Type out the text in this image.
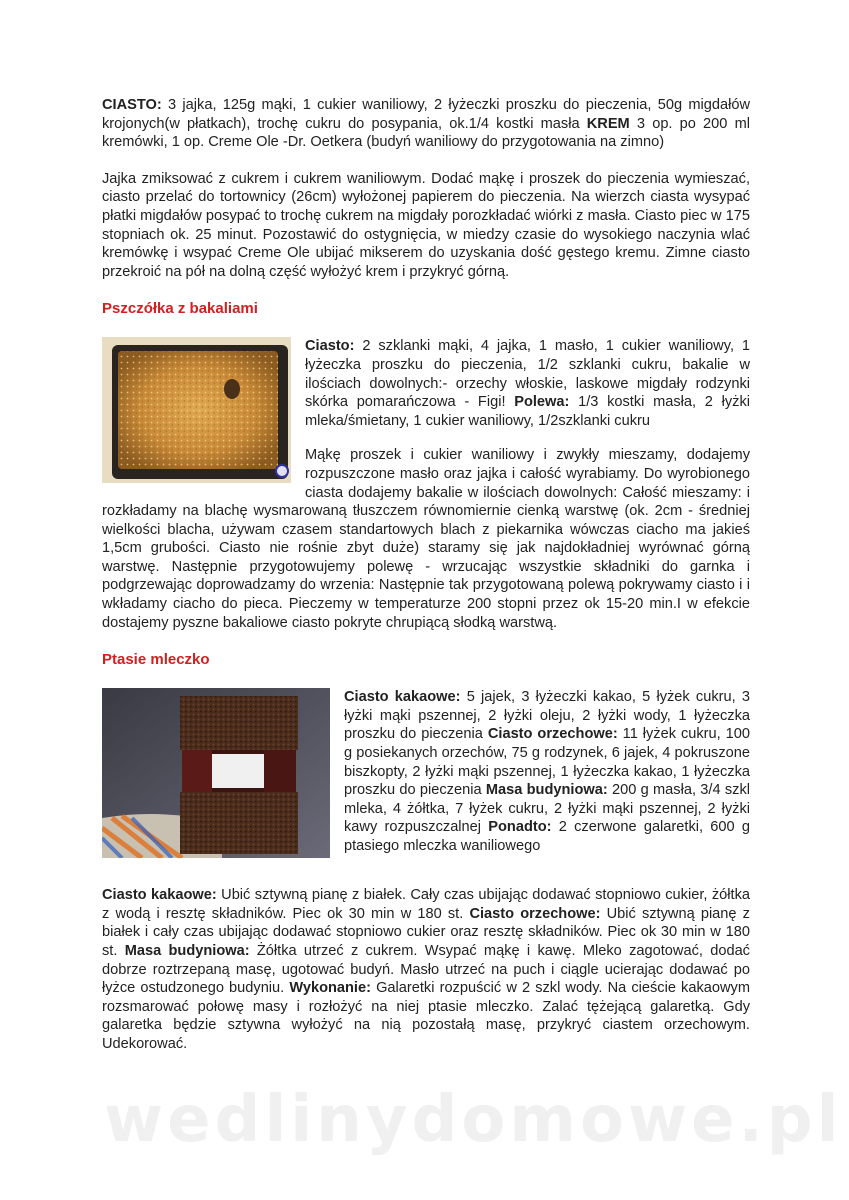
CIASTO: 3 jajka, 125g mąki, 1 cukier waniliowy, 2 łyżeczki proszku do pieczenia, 50g migdałów krojonych(w płatkach), trochę cukru do posypania, ok.1/4 kostki masła KREM 3 op. po 200 ml kremówki, 1 op. Creme Ole -Dr. Oetkera (budyń waniliowy do przygotowania na zimno)

Jajka zmiksować z cukrem i cukrem waniliowym. Dodać mąkę i proszek do pieczenia wymieszać, ciasto przelać do tortownicy (26cm) wyłożonej papierem do pieczenia. Na wierzch ciasta wysypać płatki migdałów posypać to trochę cukrem na migdały porozkładać wiórki z masła. Ciasto piec w 175 stopniach ok. 25 minut. Pozostawić do ostygnięcia, w miedzy czasie do wysokiego naczynia wlać kremówkę i wsypać Creme Ole ubijać mikserem do uzyskania dość gęstego kremu. Zimne ciasto przekroić na pół na dolną część wyłożyć krem i przykryć górną.

Pszczółka z bakaliami

Ciasto: 2 szklanki mąki, 4 jajka, 1 masło, 1 cukier waniliowy, 1 łyżeczka proszku do pieczenia, 1/2 szklanki cukru, bakalie w ilościach dowolnych:- orzechy włoskie, laskowe migdały rodzynki skórka pomarańczowa - Figi! Polewa: 1/3 kostki masła, 2 łyżki mleka/śmietany, 1 cukier waniliowy, 1/2szklanki cukru

Mąkę proszek i cukier waniliowy i zwykły mieszamy, dodajemy rozpuszczone masło oraz jajka i całość wyrabiamy. Do wyrobionego ciasta dodajemy bakalie w ilościach dowolnych: Całość mieszamy: i rozkładamy na blachę wysmarowaną tłuszczem równomiernie cienką warstwę (ok. 2cm - średniej wielkości blacha, używam czasem standartowych blach z piekarnika wówczas ciacho ma jakieś 1,5cm grubości. Ciasto nie rośnie zbyt duże) staramy się jak najdokładniej wyrównać górną warstwę. Następnie przygotowujemy polewę - wrzucając wszystkie składniki do garnka i podgrzewając doprowadzamy do wrzenia: Następnie tak przygotowaną polewą pokrywamy ciasto i i wkładamy ciacho do pieca. Pieczemy w temperaturze 200 stopni przez ok 15-20 min.I w efekcie dostajemy pyszne bakaliowe ciasto pokryte chrupiącą słodką warstwą.

Ptasie mleczko

Ciasto kakaowe: 5 jajek, 3 łyżeczki kakao, 5 łyżek cukru, 3 łyżki mąki pszennej, 2 łyżki oleju, 2 łyżki wody, 1 łyżeczka proszku do pieczenia Ciasto orzechowe: 11 łyżek cukru, 100 g posiekanych orzechów, 75 g rodzynek, 6 jajek, 4 pokruszone biszkopty, 2 łyżki mąki pszennej, 1 łyżeczka kakao, 1 łyżeczka proszku do pieczenia Masa budyniowa: 200 g masła, 3/4 szkl mleka, 4 żółtka, 7 łyżek cukru, 2 łyżki mąki pszennej, 2 łyżki kawy rozpuszczalnej Ponadto: 2 czerwone galaretki, 600 g ptasiego mleczka waniliowego

Ciasto kakaowe: Ubić sztywną pianę z białek. Cały czas ubijając dodawać stopniowo cukier, żółtka z wodą i resztę składników. Piec ok 30 min w 180 st. Ciasto orzechowe: Ubić sztywną pianę z białek i cały czas ubijając dodawać stopniowo cukier oraz resztę składników. Piec ok 30 min w 180 st. Masa budyniowa: Żółtka utrzeć z cukrem. Wsypać mąkę i kawę. Mleko zagotować, dodać dobrze roztrzepaną masę, ugotować budyń. Masło utrzeć na puch i ciągle ucierając dodawać po łyżce ostudzonego budyniu. Wykonanie: Galaretki rozpuścić w 2 szkl wody. Na cieście kakaowym rozsmarować połowę masy i rozłożyć na niej ptasie mleczko. Zalać tężejącą galaretką. Gdy galaretka będzie sztywna wyłożyć na nią pozostałą masę, przykryć ciastem orzechowym. Udekorować.

wedlinydomowe.pl
